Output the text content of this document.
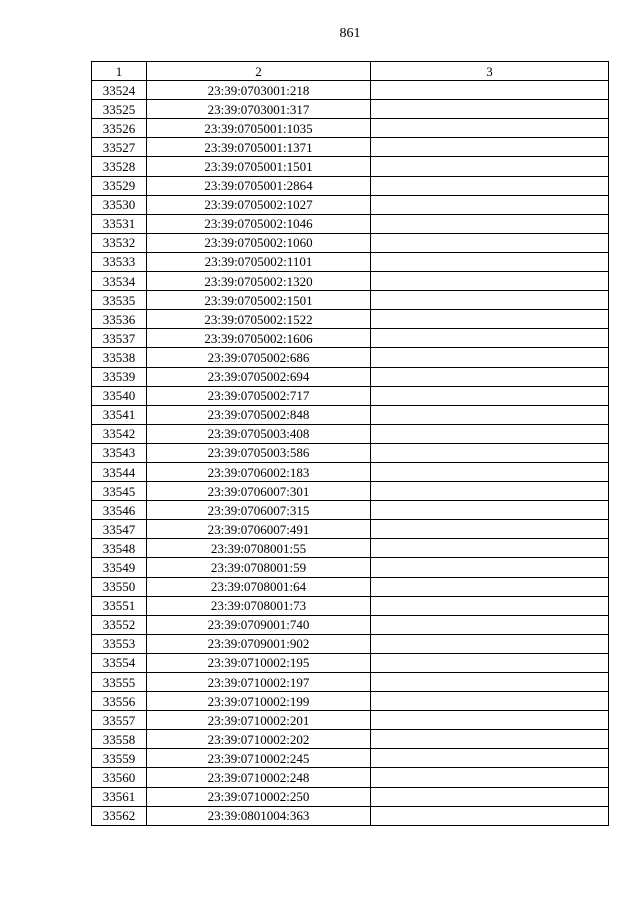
861
1	2	3
33524	23:39:0703001:218	
33525	23:39:0703001:317	
33526	23:39:0705001:1035	
33527	23:39:0705001:1371	
33528	23:39:0705001:1501	
33529	23:39:0705001:2864	
33530	23:39:0705002:1027	
33531	23:39:0705002:1046	
33532	23:39:0705002:1060	
33533	23:39:0705002:1101	
33534	23:39:0705002:1320	
33535	23:39:0705002:1501	
33536	23:39:0705002:1522	
33537	23:39:0705002:1606	
33538	23:39:0705002:686	
33539	23:39:0705002:694	
33540	23:39:0705002:717	
33541	23:39:0705002:848	
33542	23:39:0705003:408	
33543	23:39:0705003:586	
33544	23:39:0706002:183	
33545	23:39:0706007:301	
33546	23:39:0706007:315	
33547	23:39:0706007:491	
33548	23:39:0708001:55	
33549	23:39:0708001:59	
33550	23:39:0708001:64	
33551	23:39:0708001:73	
33552	23:39:0709001:740	
33553	23:39:0709001:902	
33554	23:39:0710002:195	
33555	23:39:0710002:197	
33556	23:39:0710002:199	
33557	23:39:0710002:201	
33558	23:39:0710002:202	
33559	23:39:0710002:245	
33560	23:39:0710002:248	
33561	23:39:0710002:250	
33562	23:39:0801004:363	
